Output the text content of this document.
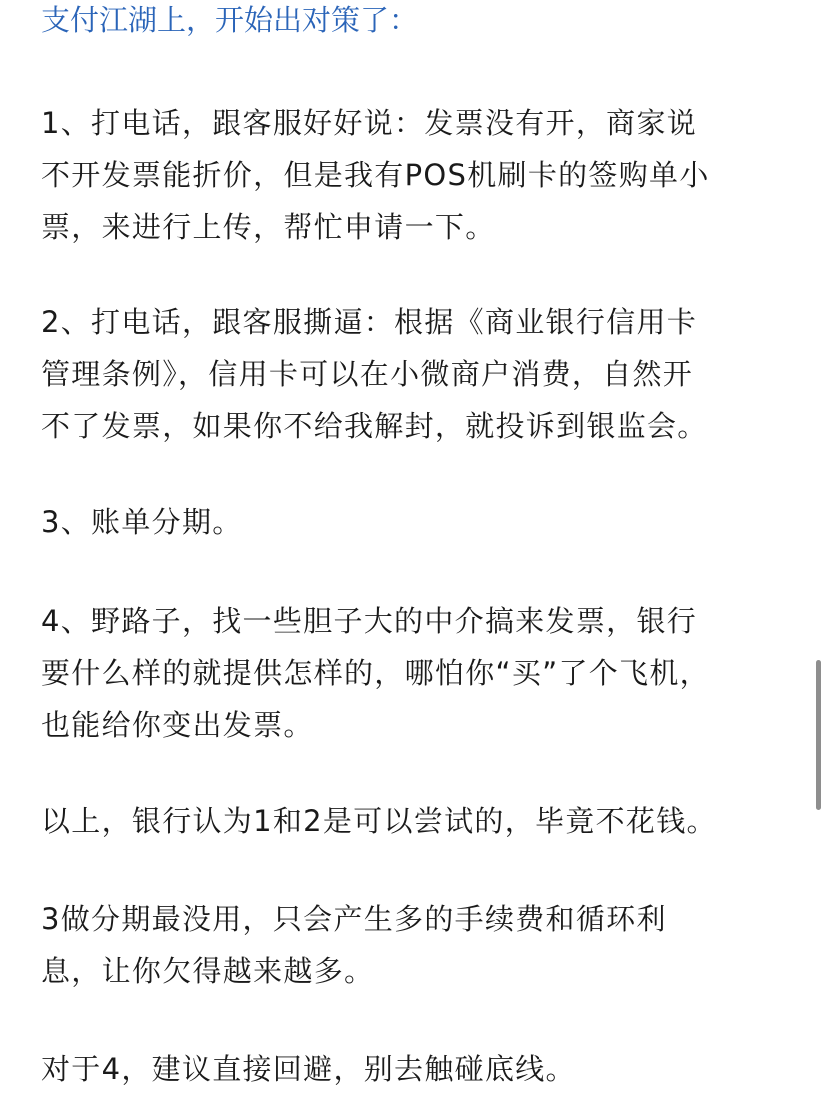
支付江湖上，开始出对策了：
1、打电话，跟客服好好说：发票没有开，商家说
不开发票能折价，但是我有POS机刷卡的签购单小
票，来进行上传，帮忙申请一下。
2、打电话，跟客服撕逼：根据《商业银行信用卡
管理条例》，信用卡可以在小微商户消费，自然开
不了发票，如果你不给我解封，就投诉到银监会。
3、账单分期。
4、野路子，找一些胆子大的中介搞来发票，银行
要什么样的就提供怎样的，哪怕你“买”了个飞机，
也能给你变出发票。
以上，银行认为1和2是可以尝试的，毕竟不花钱。
3做分期最没用，只会产生多的手续费和循环利
息，让你欠得越来越多。
对于4，建议直接回避，别去触碰底线。
